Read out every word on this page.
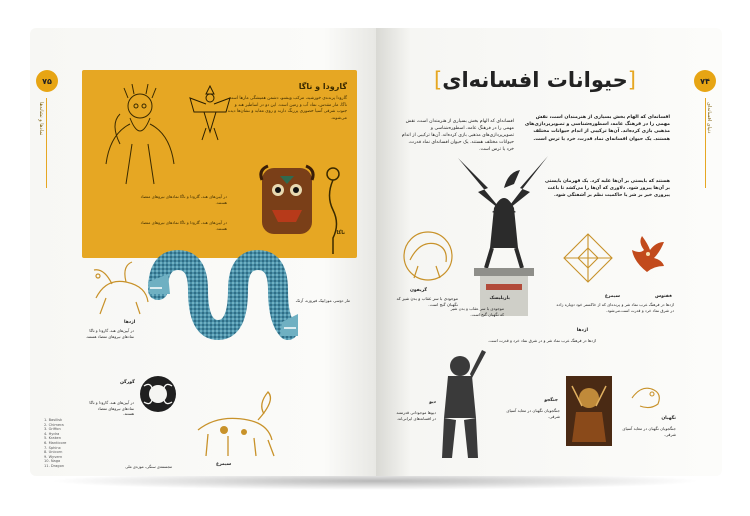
۷۵
نمادها و نشانه‌ها
گارودا و ناگا
گارودا پرنده‌ی خورشید، مرکب ویشنو، دشمن همیشگی مارها است. ناگا، مار مقدس، نماد آب و زمین است. این دو در اساطیر هند و جنوب شرقی آسیا حضوری پررنگ دارند و روی معابد و نشان‌ها دیده می‌شوند.
ناگا
در آیین‌های هند، گارودا و ناگا نمادهای نیروهای متضاد هستند.
در آیین‌های هند، گارودا و ناگا نمادهای نیروهای متضاد هستند.
مار دوسر، موزاییک فیروزه، آزتک
اژدها
گورگن
سیمرغ
در آیین‌های هند، گارودا و ناگا نمادهای نیروهای متضاد هستند.
در آیین‌های هند، گارودا و ناگا نمادهای نیروهای متضاد هستند.
مجسمه‌ی سنگی، موزه‌ی ملی
1. Basilisk
2. Chimera
3. Griffon
4. Hydra
5. Kraken
6. Manticore
7. Sphinx
8. Unicorn
9. Wyvern
10. Naga
11. Dragon
۷۴
دنیای افسانه‌ای
[حیوانات افسانه‌ای]
افسانه‌ای که الهام بخش بسیاری از هنرمندان است، نقش مهمی را در فرهنگ عامه، اسطوره‌شناسی و تصویرپردازی‌های مذهبی بازی کرده‌اند. آن‌ها ترکیبی از اندام حیوانات مختلف هستند. یک حیوان افسانه‌ای نماد قدرت، خرد یا ترس است.
افسانه‌ای که الهام بخش بسیاری از هنرمندان است، نقش مهمی را در فرهنگ عامه، اسطوره‌شناسی و تصویرپردازی‌های مذهبی بازی کرده‌اند. آن‌ها ترکیبی از اندام حیوانات مختلف هستند. یک حیوان افسانه‌ای نماد قدرت، خرد یا ترس است.
هستند که بایستی بر آن‌ها غلبه کرد. یک قهرمان بایستی بر آن‌ها پیروز شود. دلاوری که آن‌ها را می‌کشد تا باعث پیروزی خیر بر شر یا حاکمیت نظم بر آشفتگی شود.
موجودی با سر عقاب و بدن شیر که نگهبان گنج است.
گریفون
سیمرغ
پرنده‌ای که از خاکستر خود دوباره زاده می‌شود.
ققنوس
اژدها در فرهنگ غرب نماد شر و در شرق نماد خرد و قدرت است.
بازیلیسک
موجودی با سر عقاب و بدن شیر که نگهبان گنج است.
اژدها
اژدها در فرهنگ غرب نماد شر و در شرق نماد خرد و قدرت است.
دیو
دیوها موجوداتی قدرتمند در افسانه‌های ایرانی‌اند.
جنگجو
جنگجویان نگهبان در معابد آسیای شرقی.	نگهبان
جنگجویان نگهبان در معابد آسیای شرقی.
